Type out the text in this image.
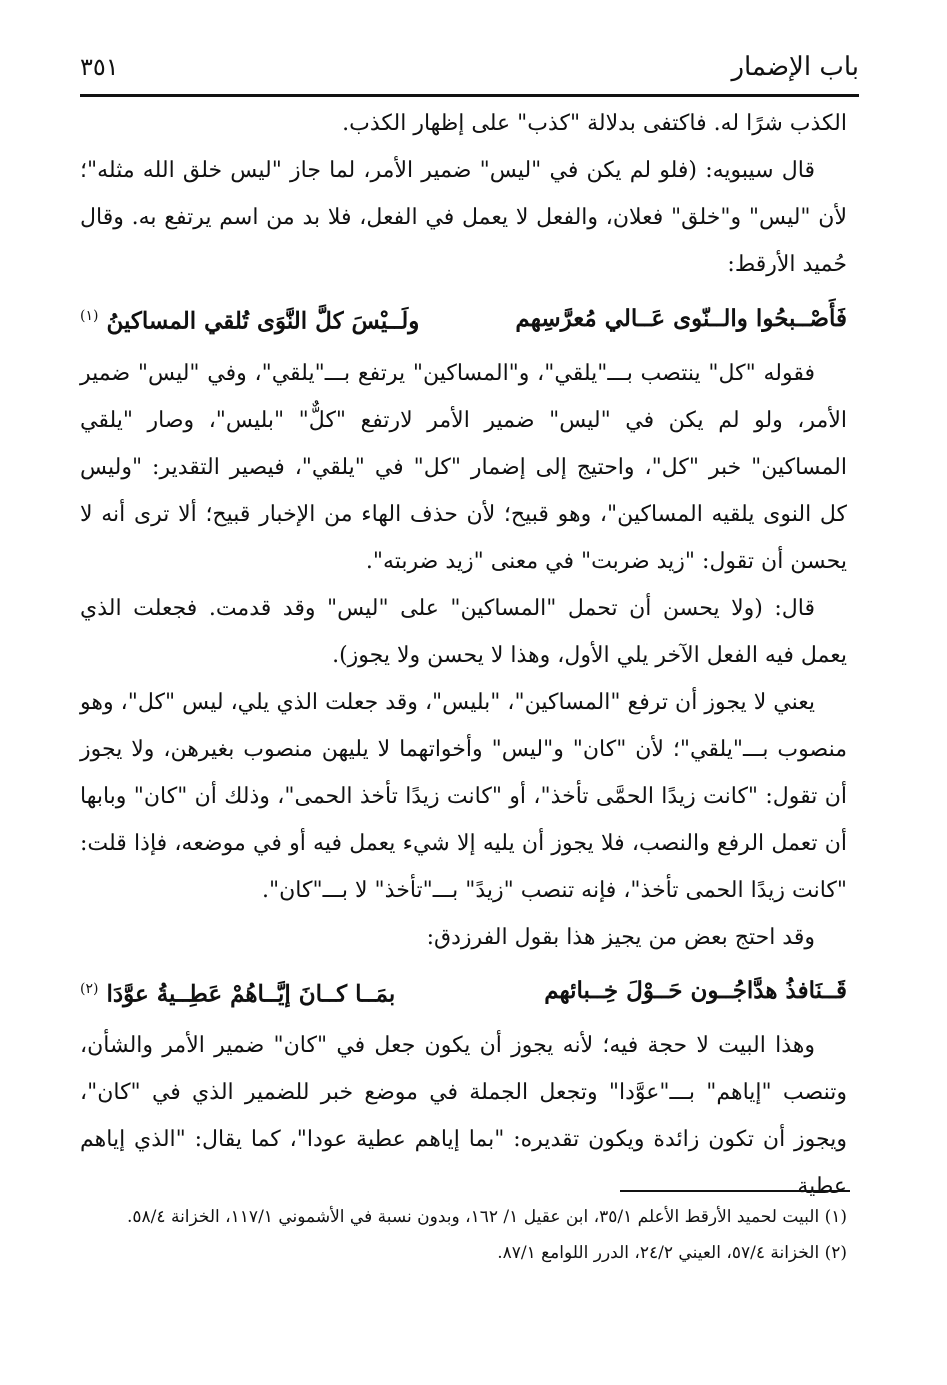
٣٥١	باب الإضمار

الكذب شرًا له. فاكتفى بدلالة "كذب" على إظهار الكذب.

قال سيبويه: (فلو لم يكن في "ليس" ضمير الأمر، لما جاز "ليس خلق الله مثله"؛ لأن "ليس" و"خلق" فعلان، والفعل لا يعمل في الفعل، فلا بد من اسم يرتفع به. وقال حُميد الأرقط:

فَأَصْــبحُوا والــنّوى عَــالي مُعرَّسِهم
ولَــيْسَ كلَّ النَّوَى تُلقي المساكينُ $^{(١)}$

فقوله "كل" ينتصب بـــ"يلقي"، و"المساكين" يرتفع بـــ"يلقي"، وفي "ليس" ضمير الأمر، ولو لم يكن في "ليس" ضمير الأمر لارتفع "كلٌّ" "بليس"، وصار "يلقي المساكين" خبر "كل"، واحتيج إلى إضمار "كل" في "يلقي"، فيصير التقدير: "وليس كل النوى يلقيه المساكين"، وهو قبيح؛ لأن حذف الهاء من الإخبار قبيح؛ ألا ترى أنه لا يحسن أن تقول: "زيد ضربت" في معنى "زيد ضربته".

قال: (ولا يحسن أن تحمل "المساكين" على "ليس" وقد قدمت. فجعلت الذي يعمل فيه الفعل الآخر يلي الأول، وهذا لا يحسن ولا يجوز).

يعني لا يجوز أن ترفع "المساكين"، "بليس"، وقد جعلت الذي يلي، ليس "كل"، وهو منصوب بـــ"يلقي"؛ لأن "كان" و"ليس" وأخواتهما لا يليهن منصوب بغيرهن، ولا يجوز أن تقول: "كانت زيدًا الحمَّى تأخذ"، أو "كانت زيدًا تأخذ الحمى"، وذلك أن "كان" وبابها أن تعمل الرفع والنصب، فلا يجوز أن يليه إلا شيء يعمل فيه أو في موضعه، فإذا قلت: "كانت زيدًا الحمى تأخذ"، فإنه تنصب "زيدً" بـــ"تأخذ" لا بـــ"كان".

وقد احتج بعض من يجيز هذا بقول الفرزدق:

قَــنَافذُ هدَّاجُــون حَــوْلَ خِــبائهم
بمَــا كــانَ إيَّــاهُمْ عَطِــيةُ عوَّدَا $^{(٢)}$

وهذا البيت لا حجة فيه؛ لأنه يجوز أن يكون جعل في "كان" ضمير الأمر والشأن، وتنصب "إياهم" بـــ"عوَّدا" وتجعل الجملة في موضع خبر للضمير الذي في "كان"، ويجوز أن تكون زائدة ويكون تقديره: "بما إياهم عطية عودا"، كما يقال: "الذي إياهم عطية

(١) البيت لحميد الأرقط الأعلم ٣٥/١، ابن عقيل ١/ ١٦٢، وبدون نسبة في الأشموني ١١٧/١، الخزانة ٥٨/٤.

(٢) الخزانة ٥٧/٤، العيني ٢٤/٢، الدرر اللوامع ٨٧/١.
